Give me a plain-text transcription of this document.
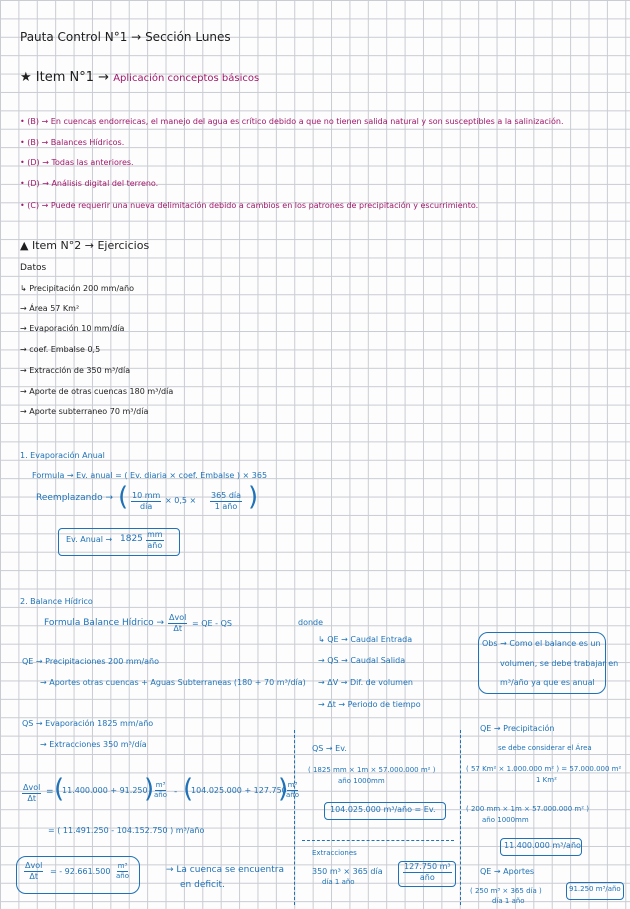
Pauta Control N°1 → Sección Lunes
★ Item N°1 → Aplicación conceptos básicos
• (B) → En cuencas endorreicas, el manejo del agua es crítico debido a que no tienen salida natural y son susceptibles a la salinización.
• (B) → Balances Hídricos.
• (D) → Todas las anteriores.
• (D) → Análisis digital del terreno.
• (C) → Puede requerir una nueva delimitación debido a cambios en los patrones de precipitación y escurrimiento.
▲ Item N°2 → Ejercicios
Datos
↳ Precipitación 200 mm/año
→ Área 57 Km²
→ Evaporación 10 mm/día
→ coef. Embalse 0,5
→ Extracción de 350 m³/día
→ Aporte de otras cuencas 180 m³/día
→ Aporte subterraneo 70 m³/día
1. Evaporación Anual
Formula → Ev. anual = ( Ev. diaria × coef. Embalse ) × 365
Reemplazando → ( 10 mm
día
× 0,5 ×
365 día
1 año )
Ev. Anual → 1825 mm
año
2. Balance Hídrico
Formula Balance Hídrico →
Δvol
Δt
= QE - QS	donde
↳ QE → Caudal Entrada
→ QS → Caudal Salida
→ ΔV → Dif. de volumen
→ Δt → Periodo de tiempo
Obs → Como el balance es un
volumen, se debe trabajar en
m³/año ya que es anual
QE → Precipitaciones 200 mm/año
→ Aportes otras cuencas + Aguas Subterraneas (180 + 70 m³/día)
QS → Evaporación 1825 mm/año
→ Extracciones 350 m³/día
Δvol
Δt
= (
11.400.000 + 91.250
) m³
año - (
104.025.000 + 127.750
) m³
año
= ( 11.491.250 - 104.152.750 ) m³/año
Δvol
Δt
= - 92.661.500
m³
año
→ La cuenca se encuentra
en deficit.
QS → Ev.
( 1825 mm × 1m × 57.000.000 m² )
año 1000mm
104.025.000 m³/año = Ev.
Extracciones
350 m³ × 365 día
día 1 año
127.750 m³
año
QE → Precipitación
se debe considerar el Área
( 57 Km² × 1.000.000 m² ) = 57.000.000 m²
1 Km²
( 200 mm × 1m × 57.000.000 m² )
año 1000mm
11.400.000 m³/año
QE → Aportes
( 250 m³ × 365 día )
día 1 año
91.250 m³/año
